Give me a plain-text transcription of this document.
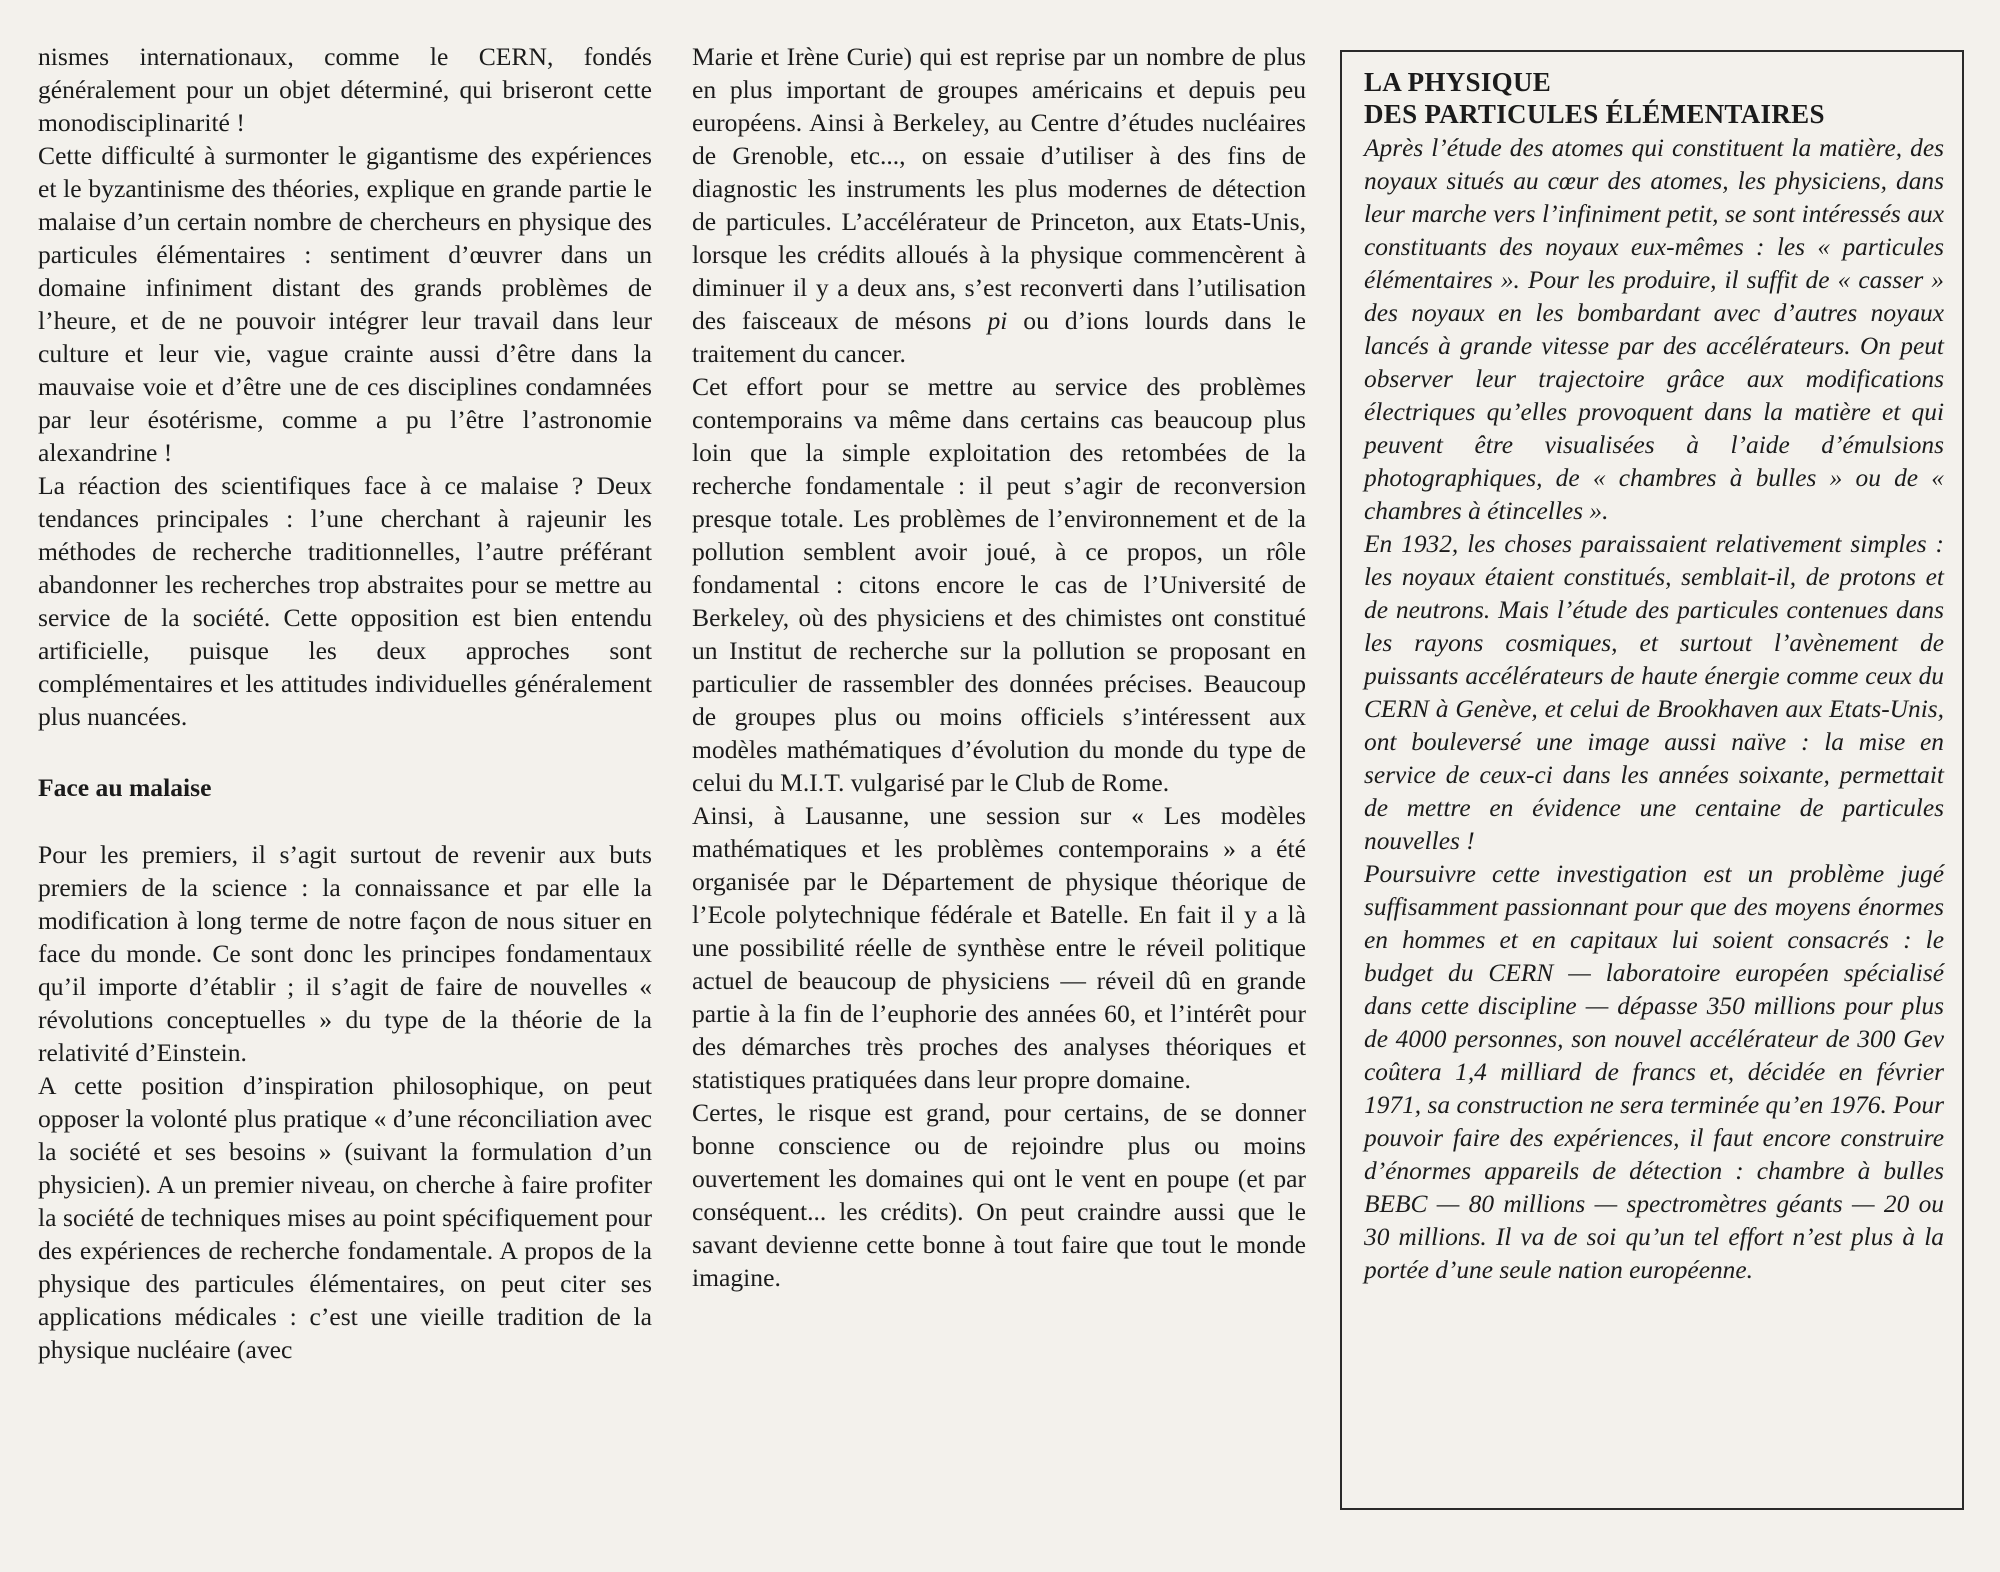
nismes internationaux, comme le CERN, fondés généralement pour un objet déterminé, qui briseront cette monodisciplinarité !

Cette difficulté à surmonter le gigantisme des expériences et le byzantinisme des théories, explique en grande partie le malaise d’un certain nombre de chercheurs en physique des particules élémentaires : sentiment d’œuvrer dans un domaine infiniment distant des grands problèmes de l’heure, et de ne pouvoir intégrer leur travail dans leur culture et leur vie, vague crainte aussi d’être dans la mauvaise voie et d’être une de ces disciplines condamnées par leur ésotérisme, comme a pu l’être l’astronomie alexandrine !

La réaction des scientifiques face à ce malaise ? Deux tendances principales : l’une cherchant à rajeunir les méthodes de recherche traditionnelles, l’autre préférant abandonner les recherches trop abstraites pour se mettre au service de la société. Cette opposition est bien entendu artificielle, puisque les deux approches sont complémentaires et les attitudes individuelles généralement plus nuancées.

Face au malaise

Pour les premiers, il s’agit surtout de revenir aux buts premiers de la science : la connaissance et par elle la modification à long terme de notre façon de nous situer en face du monde. Ce sont donc les principes fondamentaux qu’il importe d’établir ; il s’agit de faire de nouvelles « révolutions conceptuelles » du type de la théorie de la relativité d’Einstein.

A cette position d’inspiration philosophique, on peut opposer la volonté plus pratique « d’une réconciliation avec la société et ses besoins » (suivant la formulation d’un physicien). A un premier niveau, on cherche à faire profiter la société de techniques mises au point spécifiquement pour des expériences de recherche fondamentale. A propos de la physique des particules élémentaires, on peut citer ses applications médicales : c’est une vieille tradition de la physique nucléaire (avec

Marie et Irène Curie) qui est reprise par un nombre de plus en plus important de groupes américains et depuis peu européens. Ainsi à Berkeley, au Centre d’études nucléaires de Grenoble, etc..., on essaie d’utiliser à des fins de diagnostic les instruments les plus modernes de détection de particules. L’accélérateur de Princeton, aux Etats-Unis, lorsque les crédits alloués à la physique commencèrent à diminuer il y a deux ans, s’est reconverti dans l’utilisation des faisceaux de mésons pi ou d’ions lourds dans le traitement du cancer.

Cet effort pour se mettre au service des problèmes contemporains va même dans certains cas beaucoup plus loin que la simple exploitation des retombées de la recherche fondamentale : il peut s’agir de reconversion presque totale. Les problèmes de l’environnement et de la pollution semblent avoir joué, à ce propos, un rôle fondamental : citons encore le cas de l’Université de Berkeley, où des physiciens et des chimistes ont constitué un Institut de recherche sur la pollution se proposant en particulier de rassembler des données précises. Beaucoup de groupes plus ou moins officiels s’intéressent aux modèles mathématiques d’évolution du monde du type de celui du M.I.T. vulgarisé par le Club de Rome.

Ainsi, à Lausanne, une session sur « Les modèles mathématiques et les problèmes contemporains » a été organisée par le Département de physique théorique de l’Ecole polytechnique fédérale et Batelle. En fait il y a là une possibilité réelle de synthèse entre le réveil politique actuel de beaucoup de physiciens — réveil dû en grande partie à la fin de l’euphorie des années 60, et l’intérêt pour des démarches très proches des analyses théoriques et statistiques pratiquées dans leur propre domaine.

Certes, le risque est grand, pour certains, de se donner bonne conscience ou de rejoindre plus ou moins ouvertement les domaines qui ont le vent en poupe (et par conséquent... les crédits). On peut craindre aussi que le savant devienne cette bonne à tout faire que tout le monde imagine.

LA PHYSIQUE
DES PARTICULES ÉLÉMENTAIRES

Après l’étude des atomes qui constituent la matière, des noyaux situés au cœur des atomes, les physiciens, dans leur marche vers l’infiniment petit, se sont intéressés aux constituants des noyaux eux-mêmes : les « particules élémentaires ». Pour les produire, il suffit de « casser » des noyaux en les bombardant avec d’autres noyaux lancés à grande vitesse par des accélérateurs. On peut observer leur trajectoire grâce aux modifications électriques qu’elles provoquent dans la matière et qui peuvent être visualisées à l’aide d’émulsions photographiques, de « chambres à bulles » ou de « chambres à étincelles ».

En 1932, les choses paraissaient relativement simples : les noyaux étaient constitués, semblait-il, de protons et de neutrons. Mais l’étude des particules contenues dans les rayons cosmiques, et surtout l’avènement de puissants accélérateurs de haute énergie comme ceux du CERN à Genève, et celui de Brookhaven aux Etats-Unis, ont bouleversé une image aussi naïve : la mise en service de ceux-ci dans les années soixante, permettait de mettre en évidence une centaine de particules nouvelles !

Poursuivre cette investigation est un problème jugé suffisamment passionnant pour que des moyens énormes en hommes et en capitaux lui soient consacrés : le budget du CERN — laboratoire européen spécialisé dans cette discipline — dépasse 350 millions pour plus de 4000 personnes, son nouvel accélérateur de 300 Gev coûtera 1,4 milliard de francs et, décidée en février 1971, sa construction ne sera terminée qu’en 1976. Pour pouvoir faire des expériences, il faut encore construire d’énormes appareils de détection : chambre à bulles BEBC — 80 millions — spectromètres géants — 20 ou 30 millions. Il va de soi qu’un tel effort n’est plus à la portée d’une seule nation européenne.
